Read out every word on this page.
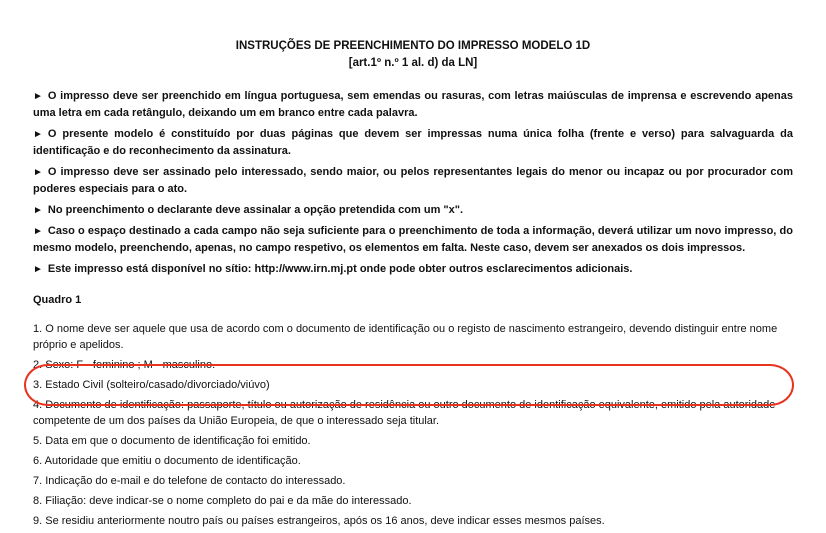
INSTRUÇÕES DE PREENCHIMENTO DO IMPRESSO MODELO 1D

[art.1º n.º 1 al. d) da LN]

► O impresso deve ser preenchido em língua portuguesa, sem emendas ou rasuras, com letras maiúsculas de imprensa e escrevendo apenas uma letra em cada retângulo, deixando um em branco entre cada palavra.
► O presente modelo é constituído por duas páginas que devem ser impressas numa única folha (frente e verso) para salvaguarda da identificação e do reconhecimento da assinatura.
► O impresso deve ser assinado pelo interessado, sendo maior, ou pelos representantes legais do menor ou incapaz ou por procurador com poderes especiais para o ato.
► No preenchimento o declarante deve assinalar a opção pretendida com um "x".
► Caso o espaço destinado a cada campo não seja suficiente para o preenchimento de toda a informação, deverá utilizar um novo impresso, do mesmo modelo, preenchendo, apenas, no campo respetivo, os elementos em falta. Neste caso, devem ser anexados os dois impressos.
► Este impresso está disponível no sítio: http://www.irn.mj.pt onde pode obter outros esclarecimentos adicionais.

Quadro 1

1. O nome deve ser aquele que usa de acordo com o documento de identificação ou o registo de nascimento estrangeiro, devendo distinguir entre nome próprio e apelidos.
2. Sexo: F - feminino ; M - masculino.
3. Estado Civil (solteiro/casado/divorciado/viúvo)
4. Documento de identificação: passaporte, título ou autorização de residência ou outro documento de identificação equivalente, emitido pela autoridade competente de um dos países da União Europeia, de que o interessado seja titular.
5. Data em que o documento de identificação foi emitido.
6. Autoridade que emitiu o documento de identificação.
7. Indicação do e-mail e do telefone de contacto do interessado.
8. Filiação: deve indicar-se o nome completo do pai e da mãe do interessado.
9. Se residiu anteriormente noutro país ou países estrangeiros, após os 16 anos, deve indicar esses mesmos países.
